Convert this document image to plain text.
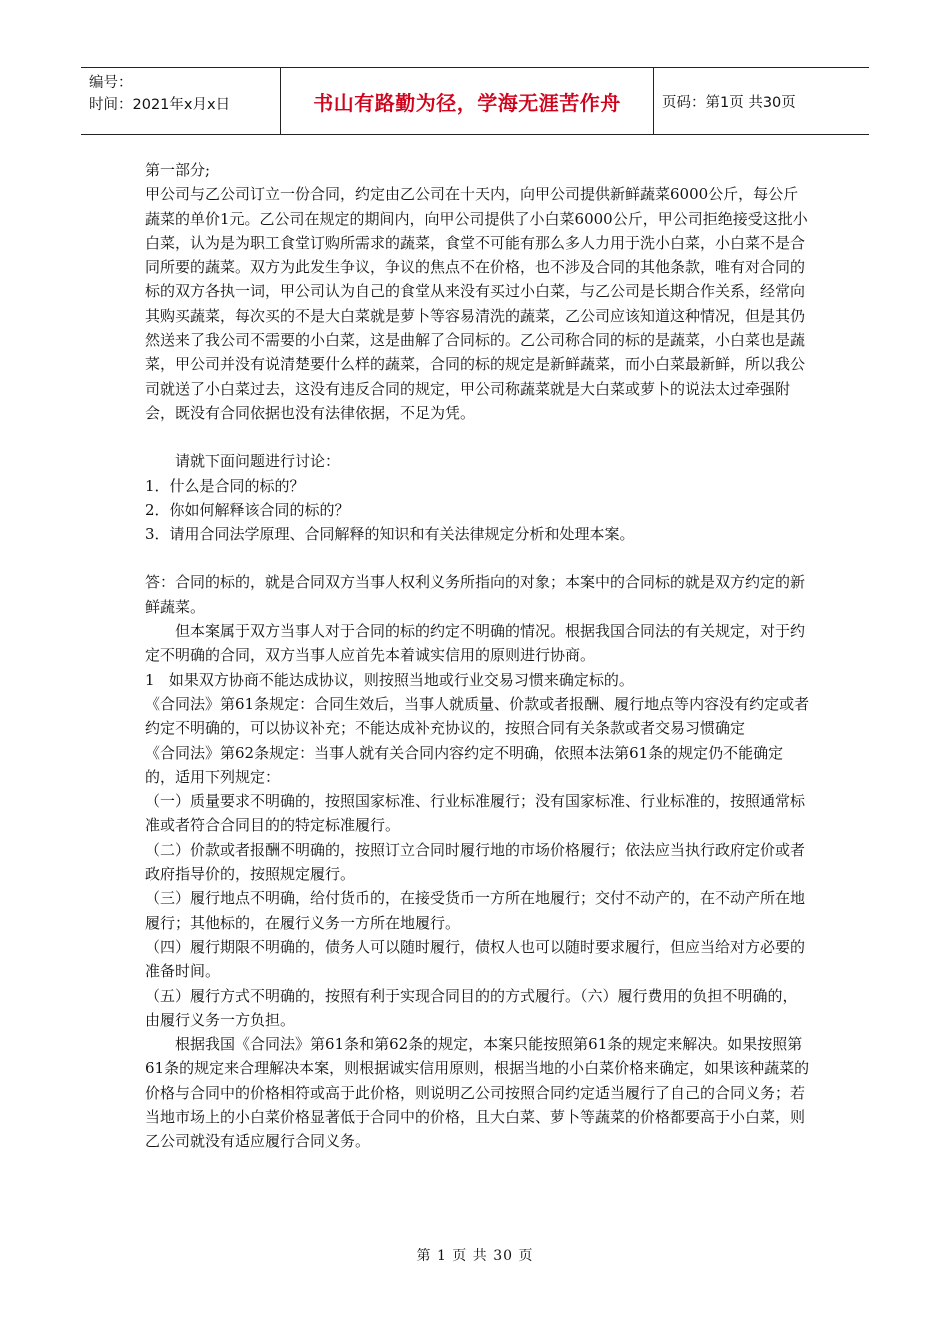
编号：
时间：2021年x月x日	书山有路勤为径，学海无涯苦作舟	页码：第1页 共30页

第一部分;

甲公司与乙公司订立一份合同，约定由乙公司在十天内，向甲公司提供新鲜蔬菜6000公斤，每公斤蔬菜的单价1元。乙公司在规定的期间内，向甲公司提供了小白菜6000公斤，甲公司拒绝接受这批小白菜，认为是为职工食堂订购所需求的蔬菜，食堂不可能有那么多人力用于洗小白菜，小白菜不是合同所要的蔬菜。双方为此发生争议，争议的焦点不在价格，也不涉及合同的其他条款，唯有对合同的标的双方各执一词，甲公司认为自己的食堂从来没有买过小白菜，与乙公司是长期合作关系，经常向其购买蔬菜，每次买的不是大白菜就是萝卜等容易清洗的蔬菜，乙公司应该知道这种情况，但是其仍然送来了我公司不需要的小白菜，这是曲解了合同标的。乙公司称合同的标的是蔬菜，小白菜也是蔬菜，甲公司并没有说清楚要什么样的蔬菜，合同的标的规定是新鲜蔬菜，而小白菜最新鲜，所以我公司就送了小白菜过去，这没有违反合同的规定，甲公司称蔬菜就是大白菜或萝卜的说法太过牵强附会，既没有合同依据也没有法律依据，不足为凭。

请就下面问题进行讨论：

1．什么是合同的标的？

2．你如何解释该合同的标的？

3．请用合同法学原理、合同解释的知识和有关法律规定分析和处理本案。

答：合同的标的，就是合同双方当事人权利义务所指向的对象；本案中的合同标的就是双方约定的新鲜蔬菜。

但本案属于双方当事人对于合同的标的约定不明确的情况。根据我国合同法的有关规定，对于约定不明确的合同，双方当事人应首先本着诚实信用的原则进行协商。

1   如果双方协商不能达成协议，则按照当地或行业交易习惯来确定标的。

《合同法》第61条规定：合同生效后，当事人就质量、价款或者报酬、履行地点等内容没有约定或者约定不明确的，可以协议补充；不能达成补充协议的，按照合同有关条款或者交易习惯确定

《合同法》第62条规定：当事人就有关合同内容约定不明确，依照本法第61条的规定仍不能确定的，适用下列规定：

（一）质量要求不明确的，按照国家标准、行业标准履行；没有国家标准、行业标准的，按照通常标准或者符合合同目的的特定标准履行。

（二）价款或者报酬不明确的，按照订立合同时履行地的市场价格履行；依法应当执行政府定价或者政府指导价的，按照规定履行。

（三）履行地点不明确，给付货币的，在接受货币一方所在地履行；交付不动产的，在不动产所在地履行；其他标的，在履行义务一方所在地履行。

（四）履行期限不明确的，债务人可以随时履行，债权人也可以随时要求履行，但应当给对方必要的准备时间。

（五）履行方式不明确的，按照有利于实现合同目的的方式履行。（六）履行费用的负担不明确的，由履行义务一方负担。

根据我国《合同法》第61条和第62条的规定，本案只能按照第61条的规定来解决。如果按照第61条的规定来合理解决本案，则根据诚实信用原则，根据当地的小白菜价格来确定，如果该种蔬菜的价格与合同中的价格相符或高于此价格，则说明乙公司按照合同约定适当履行了自己的合同义务；若当地市场上的小白菜价格显著低于合同中的价格，且大白菜、萝卜等蔬菜的价格都要高于小白菜，则乙公司就没有适应履行合同义务。

第 1 页 共 30 页
